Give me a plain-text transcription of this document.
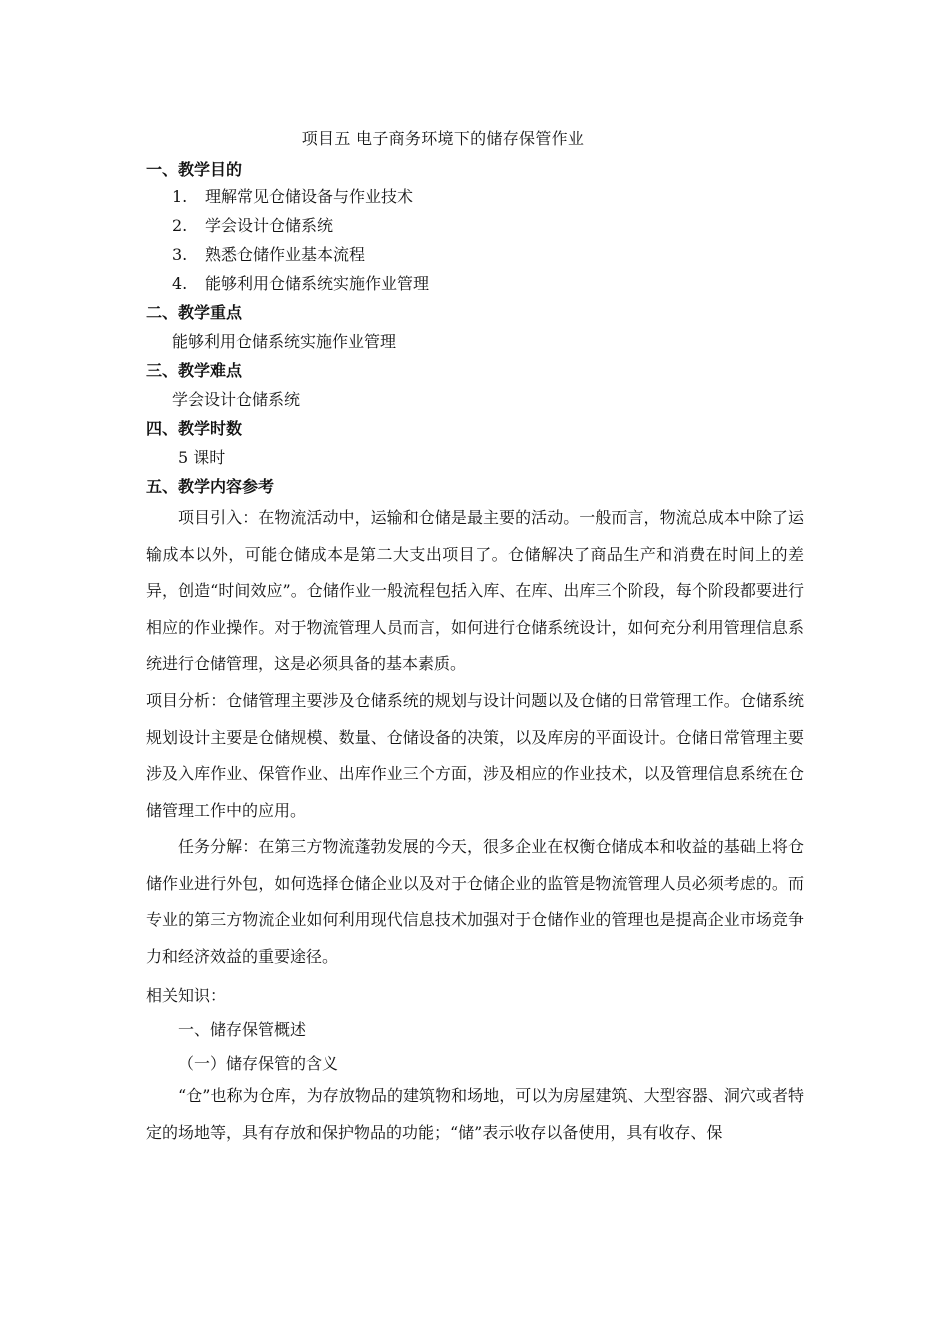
项目五 电子商务环境下的储存保管作业
一、教学目的
1.	理解常见仓储设备与作业技术
2.	学会设计仓储系统
3.	熟悉仓储作业基本流程
4.	能够利用仓储系统实施作业管理
二、教学重点
能够利用仓储系统实施作业管理
三、教学难点
学会设计仓储系统
四、教学时数
5 课时
五、教学内容参考

项目引入：在物流活动中，运输和仓储是最主要的活动。一般而言，物流总成本中除了运输成本以外，可能仓储成本是第二大支出项目了。仓储解决了商品生产和消费在时间上的差异，创造“时间效应”。仓储作业一般流程包括入库、在库、出库三个阶段，每个阶段都要进行相应的作业操作。对于物流管理人员而言，如何进行仓储系统设计，如何充分利用管理信息系统进行仓储管理，这是必须具备的基本素质。

项目分析：仓储管理主要涉及仓储系统的规划与设计问题以及仓储的日常管理工作。仓储系统规划设计主要是仓储规模、数量、仓储设备的决策，以及库房的平面设计。仓储日常管理主要涉及入库作业、保管作业、出库作业三个方面，涉及相应的作业技术，以及管理信息系统在仓储管理工作中的应用。

任务分解：在第三方物流蓬勃发展的今天，很多企业在权衡仓储成本和收益的基础上将仓储作业进行外包，如何选择仓储企业以及对于仓储企业的监管是物流管理人员必须考虑的。而专业的第三方物流企业如何利用现代信息技术加强对于仓储作业的管理也是提高企业市场竞争力和经济效益的重要途径。

相关知识：
一、储存保管概述
（一）储存保管的含义

“仓”也称为仓库，为存放物品的建筑物和场地，可以为房屋建筑、大型容器、洞穴或者特定的场地等，具有存放和保护物品的功能；“储”表示收存以备使用，具有收存、保
